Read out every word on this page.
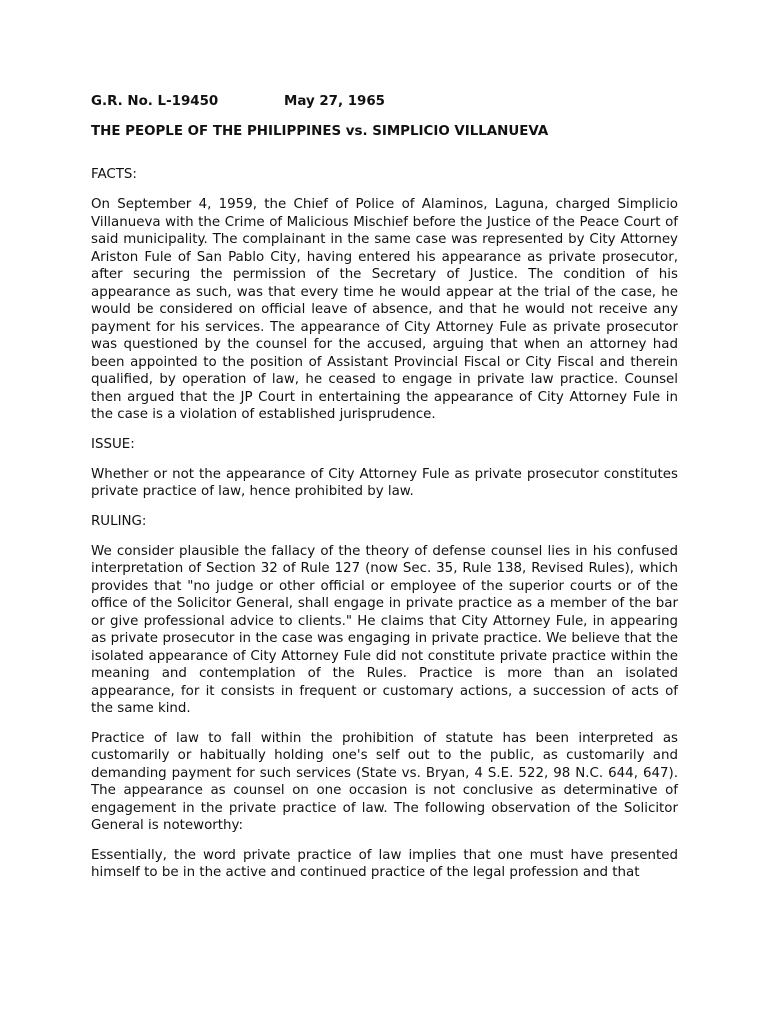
G.R. No. L-19450	May 27, 1965

THE PEOPLE OF THE PHILIPPINES vs. SIMPLICIO VILLANUEVA

FACTS:

On September 4, 1959, the Chief of Police of Alaminos, Laguna, charged Simplicio Villanueva with the Crime of Malicious Mischief before the Justice of the Peace Court of said municipality. The complainant in the same case was represented by City Attorney Ariston Fule of San Pablo City, having entered his appearance as private prosecutor, after securing the permission of the Secretary of Justice. The condition of his appearance as such, was that every time he would appear at the trial of the case, he would be considered on official leave of absence, and that he would not receive any payment for his services. The appearance of City Attorney Fule as private prosecutor was questioned by the counsel for the accused, arguing that when an attorney had been appointed to the position of Assistant Provincial Fiscal or City Fiscal and therein qualified, by operation of law, he ceased to engage in private law practice. Counsel then argued that the JP Court in entertaining the appearance of City Attorney Fule in the case is a violation of established jurisprudence.

ISSUE:

Whether or not the appearance of City Attorney Fule as private prosecutor constitutes private practice of law, hence prohibited by law.

RULING:

We consider plausible the fallacy of the theory of defense counsel lies in his confused interpretation of Section 32 of Rule 127 (now Sec. 35, Rule 138, Revised Rules), which provides that "no judge or other official or employee of the superior courts or of the office of the Solicitor General, shall engage in private practice as a member of the bar or give professional advice to clients." He claims that City Attorney Fule, in appearing as private prosecutor in the case was engaging in private practice. We believe that the isolated appearance of City Attorney Fule did not constitute private practice within the meaning and contemplation of the Rules. Practice is more than an isolated appearance, for it consists in frequent or customary actions, a succession of acts of the same kind.

Practice of law to fall within the prohibition of statute has been interpreted as customarily or habitually holding one's self out to the public, as customarily and demanding payment for such services (State vs. Bryan, 4 S.E. 522, 98 N.C. 644, 647). The appearance as counsel on one occasion is not conclusive as determinative of engagement in the private practice of law. The following observation of the Solicitor General is noteworthy:

Essentially, the word private practice of law implies that one must have presented himself to be in the active and continued practice of the legal profession and that
